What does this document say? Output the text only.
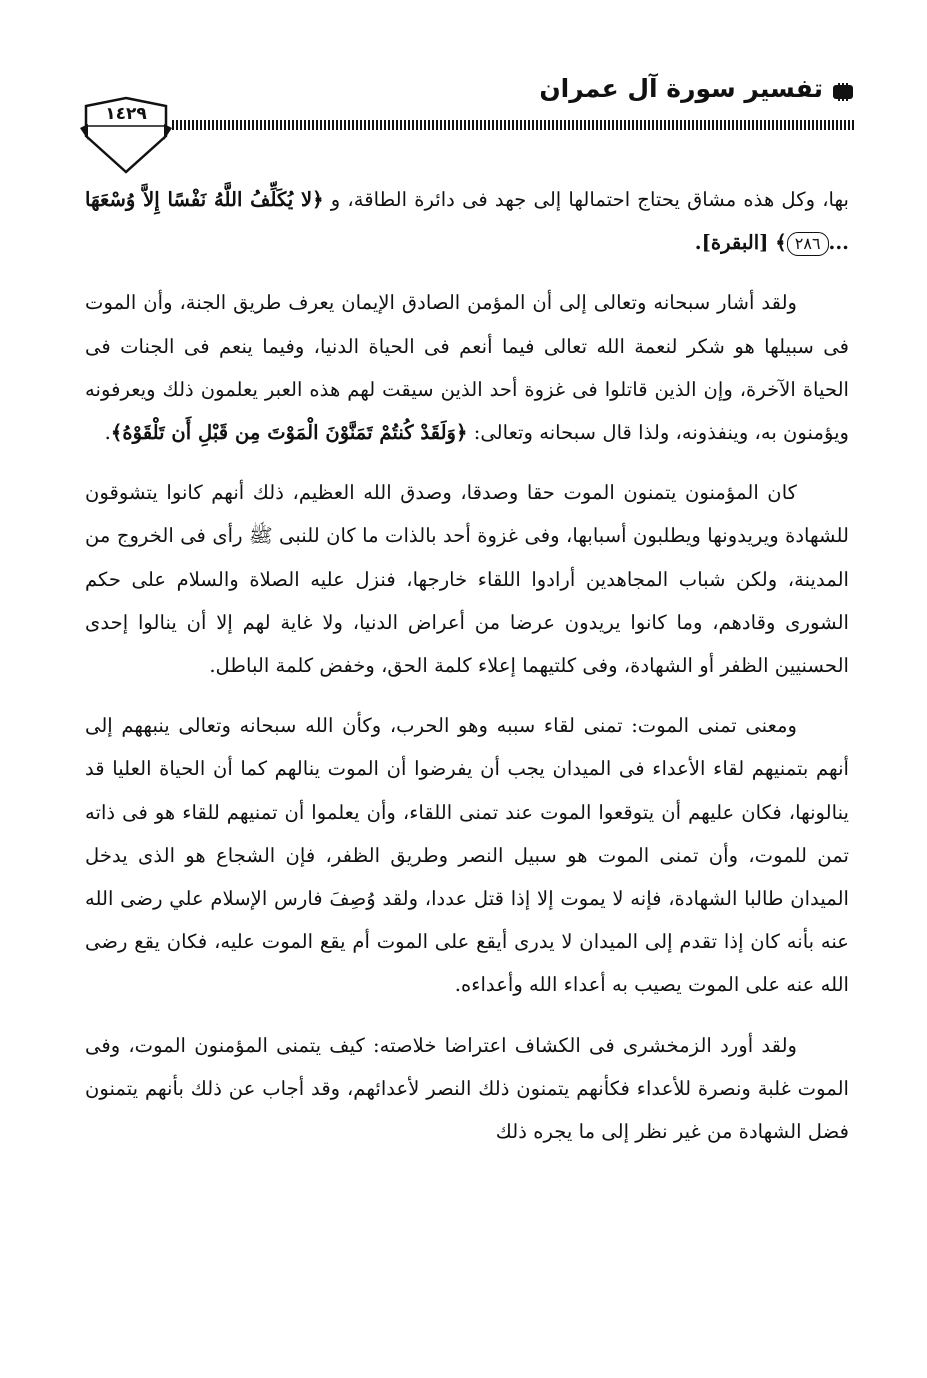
تفسير سورة آل عمران
١٤٢٩

بها، وكل هذه مشاق يحتاج احتمالها إلى جهد فى دائرة الطاقة، و ﴿لا يُكَلِّفُ اللَّهُ نَفْسًا إِلاَّ وُسْعَهَا ...٢٨٦﴾ [البقرة].

ولقد أشار سبحانه وتعالى إلى أن المؤمن الصادق الإيمان يعرف طريق الجنة، وأن الموت فى سبيلها هو شكر لنعمة الله تعالى فيما أنعم فى الحياة الدنيا، وفيما ينعم فى الجنات فى الحياة الآخرة، وإن الذين قاتلوا فى غزوة أحد الذين سيقت لهم هذه العبر يعلمون ذلك ويعرفونه ويؤمنون به، وينفذونه، ولذا قال سبحانه وتعالى: ﴿وَلَقَدْ كُنتُمْ تَمَنَّوْنَ الْمَوْتَ مِن قَبْلِ أَن تَلْقَوْهُ﴾.

كان المؤمنون يتمنون الموت حقا وصدقا، وصدق الله العظيم، ذلك أنهم كانوا يتشوقون للشهادة ويريدونها ويطلبون أسبابها، وفى غزوة أحد بالذات ما كان للنبى ﷺ رأى فى الخروج من المدينة، ولكن شباب المجاهدين أرادوا اللقاء خارجها، فنزل عليه الصلاة والسلام على حكم الشورى وقادهم، وما كانوا يريدون عرضا من أعراض الدنيا، ولا غاية لهم إلا أن ينالوا إحدى الحسنيين الظفر أو الشهادة، وفى كلتيهما إعلاء كلمة الحق، وخفض كلمة الباطل.

ومعنى تمنى الموت: تمنى لقاء سببه وهو الحرب، وكأن الله سبحانه وتعالى ينبههم إلى أنهم بتمنيهم لقاء الأعداء فى الميدان يجب أن يفرضوا أن الموت ينالهم كما أن الحياة العليا قد ينالونها، فكان عليهم أن يتوقعوا الموت عند تمنى اللقاء، وأن يعلموا أن تمنيهم للقاء هو فى ذاته تمن للموت، وأن تمنى الموت هو سبيل النصر وطريق الظفر، فإن الشجاع هو الذى يدخل الميدان طالبا الشهادة، فإنه لا يموت إلا إذا قتل عددا، ولقد وُصِفَ فارس الإسلام علي رضى الله عنه بأنه كان إذا تقدم إلى الميدان لا يدرى أيقع على الموت أم يقع الموت عليه، فكان يقع رضى الله عنه على الموت يصيب به أعداء الله وأعداءه.

ولقد أورد الزمخشرى فى الكشاف اعتراضا خلاصته: كيف يتمنى المؤمنون الموت، وفى الموت غلبة ونصرة للأعداء فكأنهم يتمنون ذلك النصر لأعدائهم، وقد أجاب عن ذلك بأنهم يتمنون فضل الشهادة من غير نظر إلى ما يجره ذلك
